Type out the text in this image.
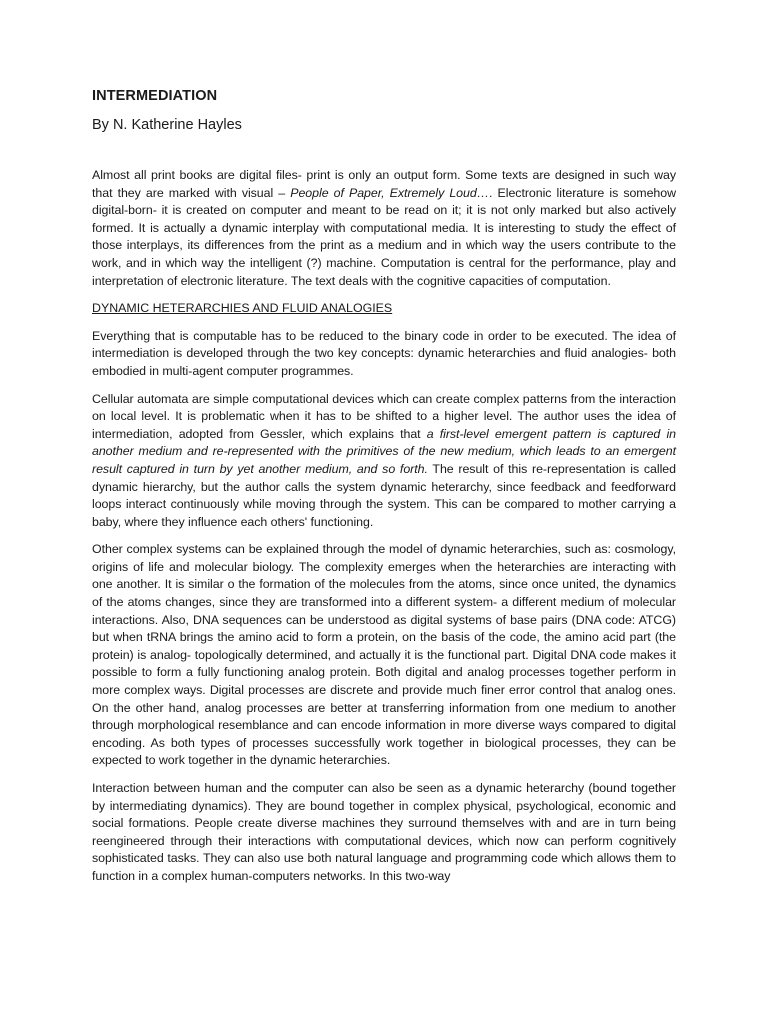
INTERMEDIATION
By N. Katherine Hayles

Almost all print books are digital files- print is only an output form. Some texts are designed in such way that they are marked with visual – People of Paper, Extremely Loud…. Electronic literature is somehow digital-born- it is created on computer and meant to be read on it; it is not only marked but also actively formed. It is actually a dynamic interplay with computational media. It is interesting to study the effect of those interplays, its differences from the print as a medium and in which way the users contribute to the work, and in which way the intelligent (?) machine. Computation is central for the performance, play and interpretation of electronic literature. The text deals with the cognitive capacities of computation.

DYNAMIC HETERARCHIES AND FLUID ANALOGIES

Everything that is computable has to be reduced to the binary code in order to be executed. The idea of intermediation is developed through the two key concepts: dynamic heterarchies and fluid analogies- both embodied in multi-agent computer programmes.

Cellular automata are simple computational devices which can create complex patterns from the interaction on local level. It is problematic when it has to be shifted to a higher level. The author uses the idea of intermediation, adopted from Gessler, which explains that a first-level emergent pattern is captured in another medium and re-represented with the primitives of the new medium, which leads to an emergent result captured in turn by yet another medium, and so forth. The result of this re-representation is called dynamic hierarchy, but the author calls the system dynamic heterarchy, since feedback and feedforward loops interact continuously while moving through the system. This can be compared to mother carrying a baby, where they influence each others' functioning.

Other complex systems can be explained through the model of dynamic heterarchies, such as: cosmology, origins of life and molecular biology. The complexity emerges when the heterarchies are interacting with one another. It is similar o the formation of the molecules from the atoms, since once united, the dynamics of the atoms changes, since they are transformed into a different system- a different medium of molecular interactions. Also, DNA sequences can be understood as digital systems of base pairs (DNA code: ATCG) but when tRNA brings the amino acid to form a protein, on the basis of the code, the amino acid part (the protein) is analog- topologically determined, and actually it is the functional part. Digital DNA code makes it possible to form a fully functioning analog protein. Both digital and analog processes together perform in more complex ways. Digital processes are discrete and provide much finer error control that analog ones. On the other hand, analog processes are better at transferring information from one medium to another through morphological resemblance and can encode information in more diverse ways compared to digital encoding. As both types of processes successfully work together in biological processes, they can be expected to work together in the dynamic heterarchies.

Interaction between human and the computer can also be seen as a dynamic heterarchy (bound together by intermediating dynamics). They are bound together in complex physical, psychological, economic and social formations. People create diverse machines they surround themselves with and are in turn being reengineered through their interactions with computational devices, which now can perform cognitively sophisticated tasks. They can also use both natural language and programming code which allows them to function in a complex human-computers networks. In this two-way
